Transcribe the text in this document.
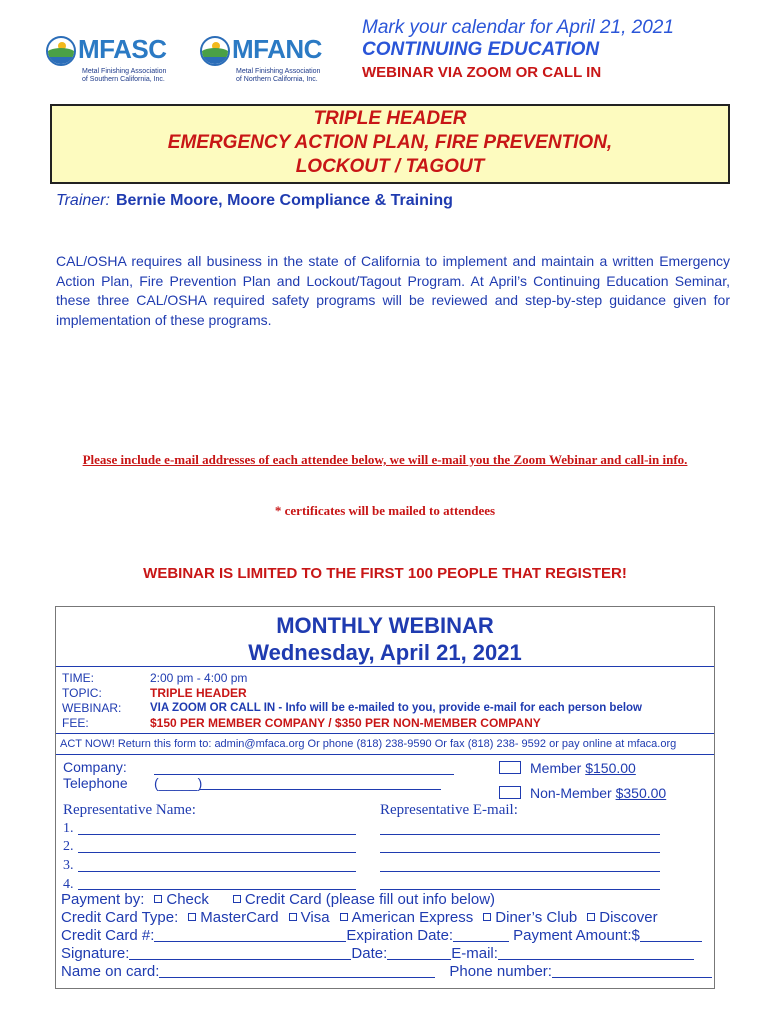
MFASC
Metal Finishing Association
of Southern California, Inc.
MFANC
Metal Finishing Association
of Northern California, Inc.
Mark your calendar for April 21, 2021
CONTINUING EDUCATION
WEBINAR VIA ZOOM OR CALL IN
TRIPLE HEADER
EMERGENCY ACTION PLAN, FIRE PREVENTION,
LOCKOUT / TAGOUT
Trainer: Bernie Moore, Moore Compliance & Training
CAL/OSHA requires all business in the state of California to implement and maintain a written Emergency Action Plan, Fire Prevention Plan and Lockout/Tagout Program. At April’s Continuing Education Seminar, these three CAL/OSHA required safety programs will be reviewed and step-by-step guidance given for implementation of these programs.
Please include e-mail addresses of each attendee below, we will e-mail you the Zoom Webinar and call-in info.
* certificates will be mailed to attendees
WEBINAR IS LIMITED TO THE FIRST 100 PEOPLE THAT REGISTER!
MONTHLY WEBINAR
Wednesday, April 21, 2021
TIME:	2:00 pm - 4:00 pm
TOPIC:	TRIPLE HEADER
WEBINAR: VIA ZOOM OR CALL IN - Info will be e-mailed to you, provide e-mail for each person below
FEE:	$150 PER MEMBER COMPANY / $350 PER NON-MEMBER COMPANY
ACT NOW! Return this form to: admin@mfaca.org Or phone (818) 238-9590 Or fax (818) 238- 9592 or pay online at mfaca.org
Company:
Telephone (_____)
Member $150.00
Non-Member $350.00
Representative Name:	Representative E-mail:
1.
2.
3.
4.
Payment by: Check Credit Card (please fill out info below)
Credit Card Type: MasterCard Visa American Express Diner’s Club Discover
Credit Card #:	Expiration Date:	Payment Amount:$
Signature:	Date:	E-mail:
Name on card:	Phone number:
